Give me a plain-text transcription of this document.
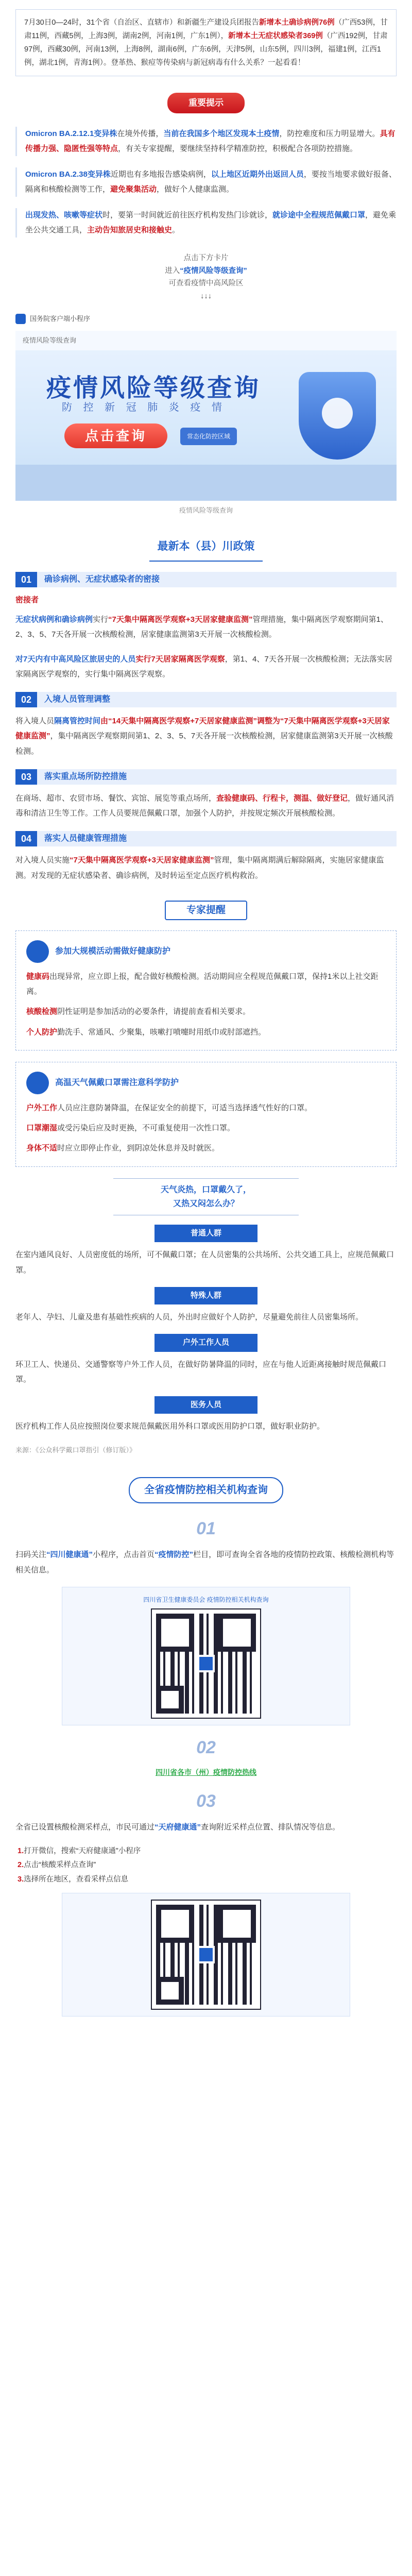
7月30日0—24时，31个省（自治区、直辖市）和新疆生产建设兵团报告新增本土确诊病例76例（广西53例，甘肃11例，西藏5例，上海3例，湖南2例，河南1例，广东1例），新增本土无症状感染者369例（广西192例，甘肃97例，西藏30例，河南13例，上海8例，湖南6例，广东6例，天津5例，山东5例，四川3例，福建1例，江西1例，湖北1例，青海1例）。登革热、猴痘等传染病与新冠病毒有什么关系？一起看看！
重要提示
Omicron BA.2.12.1变异株在境外传播，当前在我国多个地区发现本土疫情，防控难度和压力明显增大。具有传播力强、隐匿性强等特点，有关专家提醒，要继续坚持科学精准防控，积极配合各项防控措施。
Omicron BA.2.38变异株近期也有多地报告感染病例，以上地区近期外出返回人员，要按当地要求做好报备、隔离和核酸检测等工作，避免聚集活动，做好个人健康监测。
出现发热、咳嗽等症状时，要第一时间就近前往医疗机构发热门诊就诊，就诊途中全程规范佩戴口罩，避免乘坐公共交通工具，主动告知旅居史和接触史。
点击下方卡片
进入“疫情风险等级查询”
可查看疫情中高风险区
↓↓↓
国务院客户端小程序
疫情风险等级查询
疫情风险等级查询
防 控 新 冠 肺 炎 疫 情
点击查询	常态化防控区域
疫情风险等级查询
最新本（县）川政策
01	确诊病例、无症状感染者的密接
密接者
无症状病例和确诊病例实行“7天集中隔离医学观察+3天居家健康监测”管理措施，集中隔离医学观察期间第1、2、3、5、7天各开展一次核酸检测，居家健康监测第3天开展一次核酸检测。
对7天内有中高风险区旅居史的人员实行7天居家隔离医学观察，第1、4、7天各开展一次核酸检测；无法落实居家隔离医学观察的，实行集中隔离医学观察。
02	入境人员管理调整
将入境人员隔离管控时间由“14天集中隔离医学观察+7天居家健康监测”调整为“7天集中隔离医学观察+3天居家健康监测”，集中隔离医学观察期间第1、2、3、5、7天各开展一次核酸检测，居家健康监测第3天开展一次核酸检测。
03	落实重点场所防控措施
在商场、超市、农贸市场、餐饮、宾馆、展览等重点场所，查验健康码、行程卡，测温、做好登记，做好通风消毒和清洁卫生等工作。工作人员要规范佩戴口罩，加强个人防护，并按规定频次开展核酸检测。
04	落实人员健康管理措施
对入境人员实施“7天集中隔离医学观察+3天居家健康监测”管理，集中隔离期满后解除隔离，实施居家健康监测。对发现的无症状感染者、确诊病例，及时转运至定点医疗机构救治。
专家提醒
参加大规模活动需做好健康防护

健康码出现异常，应立即上报，配合做好核酸检测。活动期间应全程规范佩戴口罩，保持1米以上社交距离。

核酸检测阴性证明是参加活动的必要条件，请提前查看相关要求。

个人防护勤洗手、常通风、少聚集，咳嗽打喷嚏时用纸巾或肘部遮挡。

高温天气佩戴口罩需注意科学防护

户外工作人员应注意防暑降温，在保证安全的前提下，可适当选择透气性好的口罩。

口罩潮湿或受污染后应及时更换，不可重复使用一次性口罩。

身体不适时应立即停止作业，到阴凉处休息并及时就医。

天气炎热，口罩戴久了，
又热又闷怎么办？
普通人群
在室内通风良好、人员密度低的场所，可不佩戴口罩；在人员密集的公共场所、公共交通工具上，应规范佩戴口罩。
特殊人群
老年人、孕妇、儿童及患有基础性疾病的人员，外出时应做好个人防护，尽量避免前往人员密集场所。
户外工作人员
环卫工人、快递员、交通警察等户外工作人员，在做好防暑降温的同时，应在与他人近距离接触时规范佩戴口罩。
医务人员
医疗机构工作人员应按照岗位要求规范佩戴医用外科口罩或医用防护口罩，做好职业防护。
来源：《公众科学戴口罩指引（修订版）》
全省疫情防控相关机构查询
01
扫码关注“四川健康通”小程序，点击首页“疫情防控”栏目，即可查询全省各地的疫情防控政策、核酸检测机构等相关信息。
四川省卫生健康委员会 疫情防控相关机构查询
02
四川省各市（州）疫情防控热线
03
全省已设置核酸检测采样点，市民可通过“天府健康通”查询附近采样点位置、排队情况等信息。
1.打开微信，搜索“天府健康通”小程序
2.点击“核酸采样点查询”
3.选择所在地区，查看采样点信息
